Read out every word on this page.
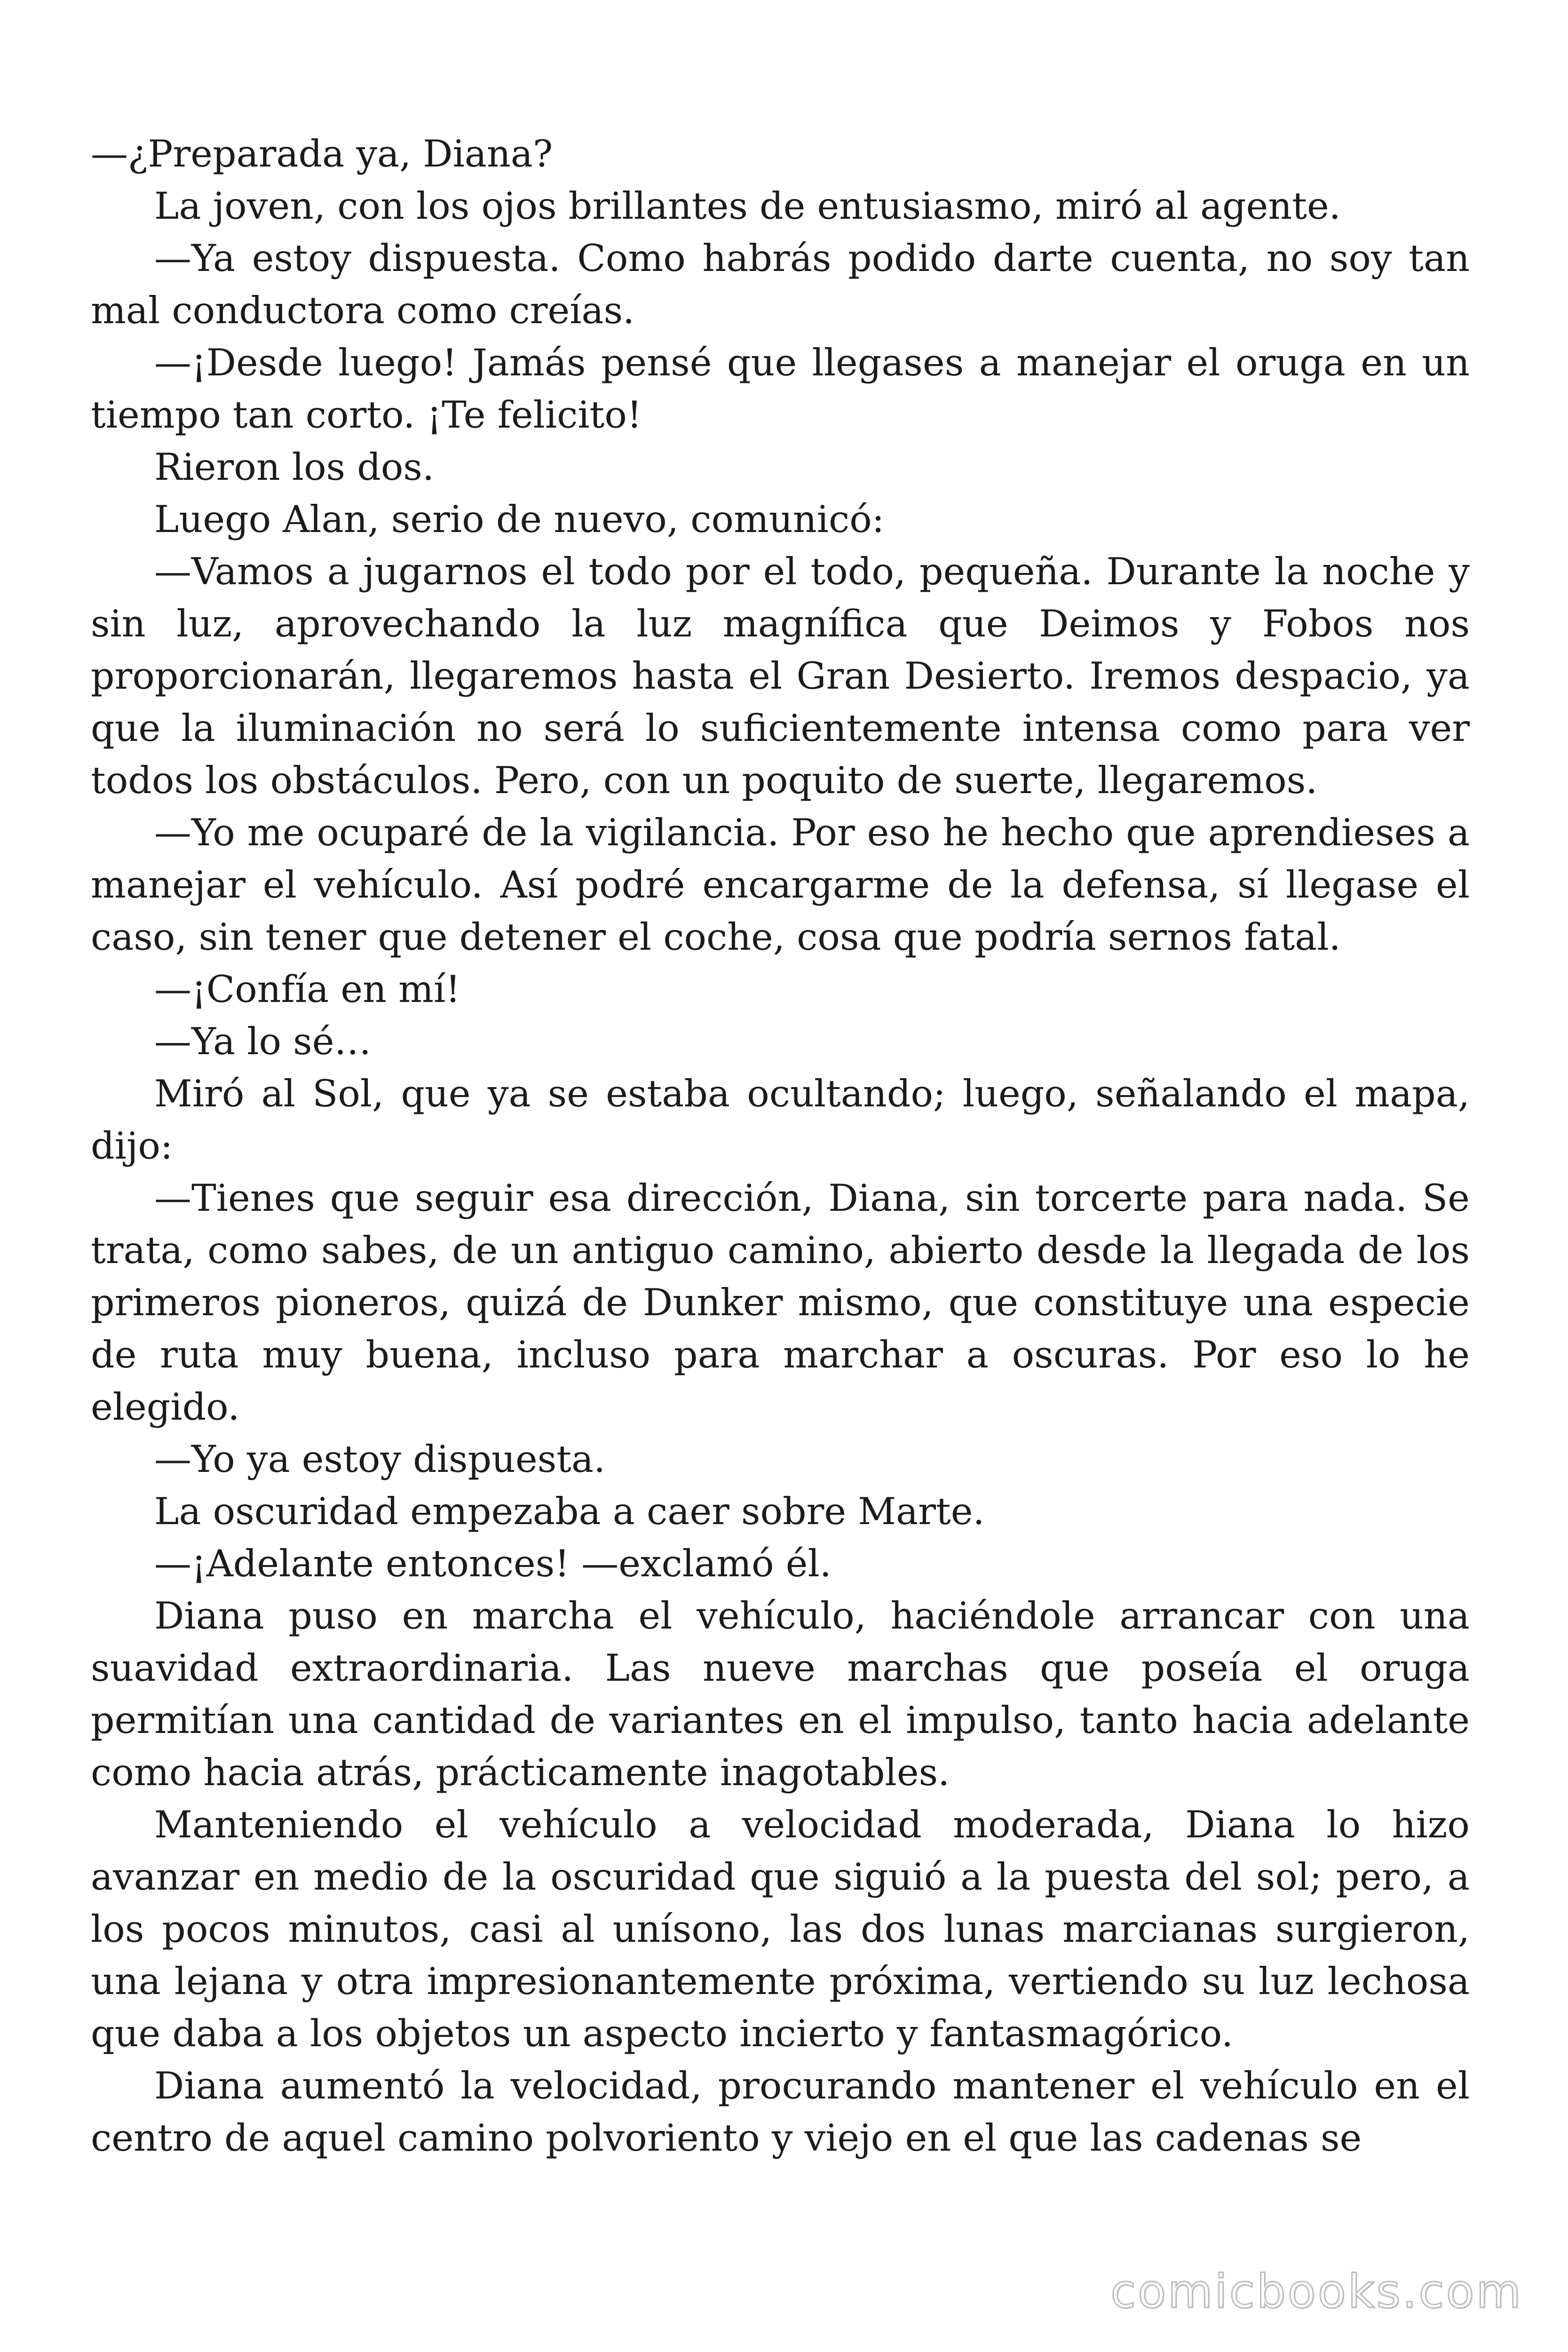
—¿Preparada ya, Diana?

La joven, con los ojos brillantes de entusiasmo, miró al agente.

—Ya estoy dispuesta. Como habrás podido darte cuenta, no soy tan mal conductora como creías.

—¡Desde luego! Jamás pensé que llegases a manejar el oruga en un tiempo tan corto. ¡Te felicito!

Rieron los dos.

Luego Alan, serio de nuevo, comunicó:

—Vamos a jugarnos el todo por el todo, pequeña. Durante la noche y sin luz, aprovechando la luz magnífica que Deimos y Fobos nos proporcionarán, llegaremos hasta el Gran Desierto. Iremos despacio, ya que la iluminación no será lo suficientemente intensa como para ver todos los obstáculos. Pero, con un poquito de suerte, llegaremos.

—Yo me ocuparé de la vigilancia. Por eso he hecho que aprendieses a manejar el vehículo. Así podré encargarme de la defensa, sí llegase el caso, sin tener que detener el coche, cosa que podría sernos fatal.

—¡Confía en mí!

—Ya lo sé…

Miró al Sol, que ya se estaba ocultando; luego, señalando el mapa, dijo:

—Tienes que seguir esa dirección, Diana, sin torcerte para nada. Se trata, como sabes, de un antiguo camino, abierto desde la llegada de los primeros pioneros, quizá de Dunker mismo, que constituye una especie de ruta muy buena, incluso para marchar a oscuras. Por eso lo he elegido.

—Yo ya estoy dispuesta.

La oscuridad empezaba a caer sobre Marte.

—¡Adelante entonces! —exclamó él.

Diana puso en marcha el vehículo, haciéndole arrancar con una suavidad extraordinaria. Las nueve marchas que poseía el oruga permitían una cantidad de variantes en el impulso, tanto hacia adelante como hacia atrás, prácticamente inagotables.

Manteniendo el vehículo a velocidad moderada, Diana lo hizo avanzar en medio de la oscuridad que siguió a la puesta del sol; pero, a los pocos minutos, casi al unísono, las dos lunas marcianas surgieron, una lejana y otra impresionantemente próxima, vertiendo su luz lechosa que daba a los objetos un aspecto incierto y fantasmagórico.

Diana aumentó la velocidad, procurando mantener el vehículo en el centro de aquel camino polvoriento y viejo en el que las cadenas se

comicbooks.com
